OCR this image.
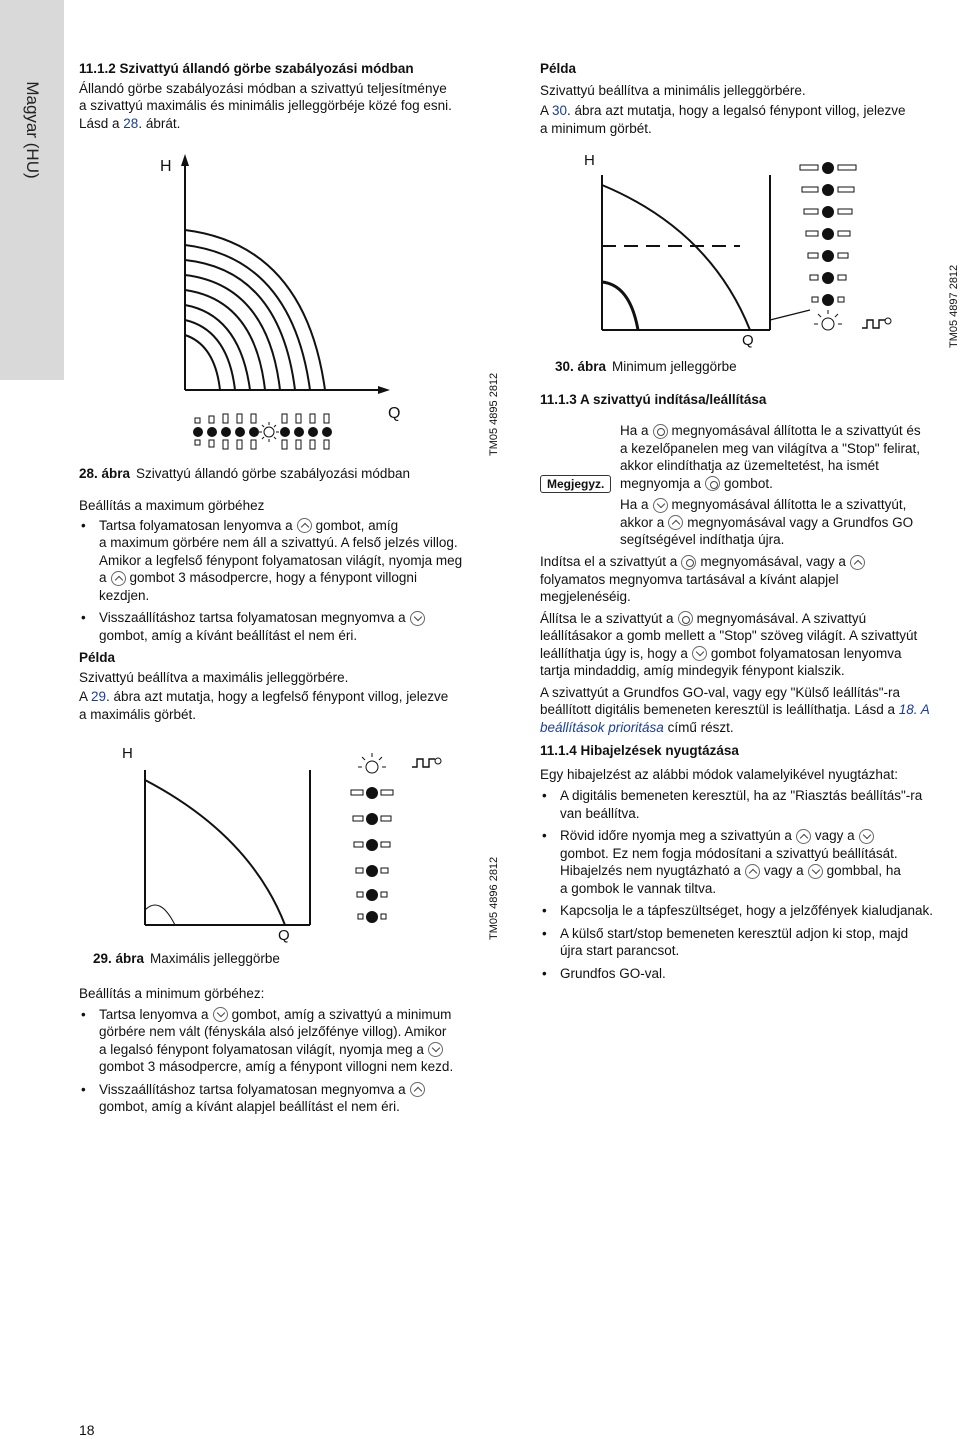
Magyar (HU)

11.1.2 Szivattyú állandó görbe szabályozási módban

Állandó görbe szabályozási módban a szivattyú teljesítménye

a szivattyú maximális és minimális jelleggörbéje közé fog esni.

Lásd a 28. ábrát.

H
Q	TM05 4895 2812
28. ábra Szivattyú állandó görbe szabályozási módban

Beállítás a maximum görbéhez

• Tartsa folyamatosan lenyomva a gombot, amíg
a maximum görbére nem áll a szivattyú. A felső jelzés villog.
Amikor a legfelső fénypont folyamatosan világít, nyomja meg
a gombot 3 másodpercre, hogy a fénypont villogni
kezdjen.
• Visszaállításhoz tartsa folyamatosan megnyomva a
gombot, amíg a kívánt beállítást el nem éri.

Példa

Szivattyú beállítva a maximális jelleggörbére.

A 29. ábra azt mutatja, hogy a legfelső fénypont villog, jelezve

a maximális görbét.

H
Q	TM05 4896 2812
29. ábra Maximális jelleggörbe

Beállítás a minimum görbéhez:

• Tartsa lenyomva a gombot, amíg a szivattyú a minimum
görbére nem vált (fényskála alsó jelzőfénye villog). Amikor
a legalsó fénypont folyamatosan világít, nyomja meg a
gombot 3 másodpercre, amíg a fénypont villogni nem kezd.
• Visszaállításhoz tartsa folyamatosan megnyomva a
gombot, amíg a kívánt alapjel beállítást el nem éri.

Példa

Szivattyú beállítva a minimális jelleggörbére.

A 30. ábra azt mutatja, hogy a legalsó fénypont villog, jelezve

a minimum görbét.

H
Q	TM05 4897 2812
30. ábra Minimum jelleggörbe
11.1.3 A szivattyú indítása/leállítása
Megjegyz.

Ha a megnyomásával állította le a szivattyút és

a kezelőpanelen meg van világítva a "Stop" felirat,

akkor elindíthatja az üzemeltetést, ha ismét

megnyomja a gombot.

Ha a megnyomásával állította le a szivattyút,

akkor a megnyomásával vagy a Grundfos GO

segítségével indíthatja újra.

Indítsa el a szivattyút a megnyomásával, vagy a

folyamatos megnyomva tartásával a kívánt alapjel

megjelenéséig.

Állítsa le a szivattyút a megnyomásával. A szivattyú

leállításakor a gomb mellett a "Stop" szöveg világít. A szivattyút

leállíthatja úgy is, hogy a gombot folyamatosan lenyomva

tartja mindaddig, amíg mindegyik fénypont kialszik.

A szivattyút a Grundfos GO-val, vagy egy "Külső leállítás"-ra

beállított digitális bemeneten keresztül is leállíthatja. Lásd a 18. A

beállítások prioritása című részt.

11.1.4 Hibajelzések nyugtázása

Egy hibajelzést az alábbi módok valamelyikével nyugtázhat:

• A digitális bemeneten keresztül, ha az "Riasztás beállítás"-ra
van beállítva.
• Rövid időre nyomja meg a szivattyún a vagy a
gombot. Ez nem fogja módosítani a szivattyú beállítását.
Hibajelzés nem nyugtázható a vagy a gombbal, ha
a gombok le vannak tiltva.
• Kapcsolja le a tápfeszültséget, hogy a jelzőfények kialudjanak.
• A külső start/stop bemeneten keresztül adjon ki stop, majd
újra start parancsot.
• Grundfos GO-val.
18
